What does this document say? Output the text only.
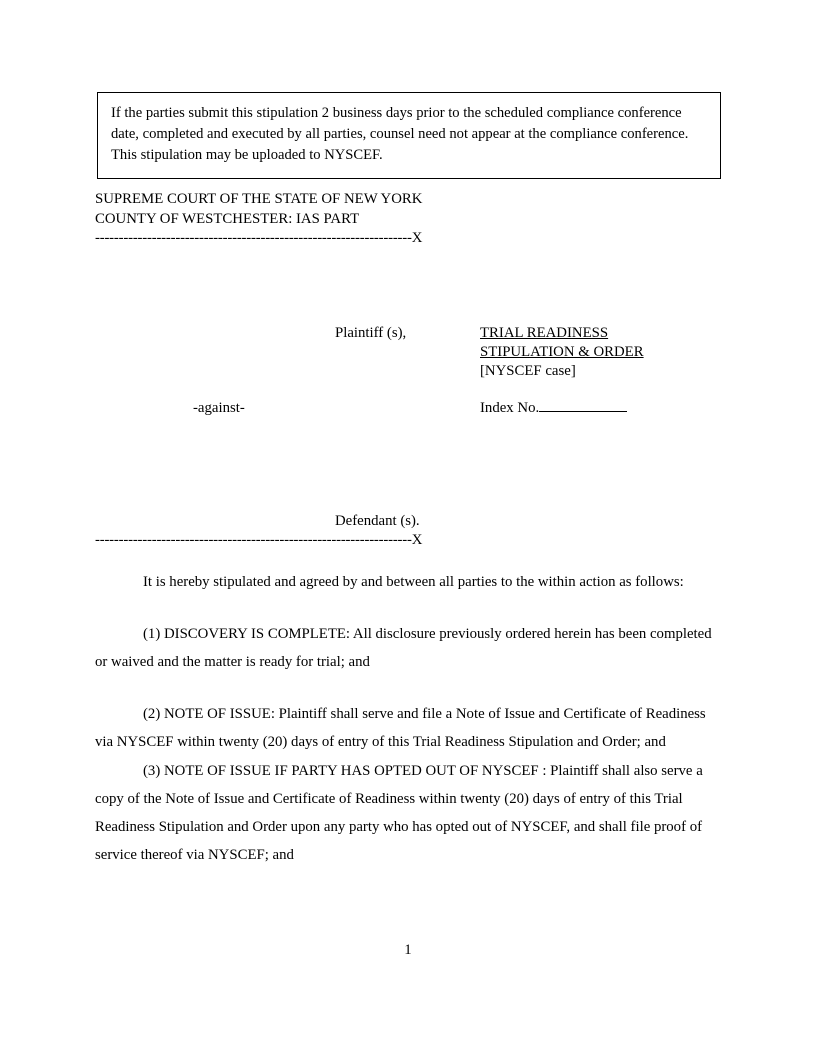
If the parties submit this stipulation 2 business days prior to the scheduled compliance conference date, completed and executed by all parties, counsel need not appear at the compliance conference. This stipulation may be uploaded to NYSCEF.
SUPREME COURT OF THE STATE OF NEW YORK
COUNTY OF WESTCHESTER: IAS PART
-------------------------------------------------------------------X
Plaintiff (s),
-against-
Defendant (s).
TRIAL READINESS
STIPULATION & ORDER
[NYSCEF case]
Index No.
-------------------------------------------------------------------X

It is hereby stipulated and agreed by and between all parties to the within action as follows:

(1) DISCOVERY IS COMPLETE: All disclosure previously ordered herein has been completed or waived and the matter is ready for trial; and

(2) NOTE OF ISSUE: Plaintiff shall serve and file a Note of Issue and Certificate of Readiness via NYSCEF within twenty (20) days of entry of this Trial Readiness Stipulation and Order; and

(3) NOTE OF ISSUE IF PARTY HAS OPTED OUT OF NYSCEF : Plaintiff shall also serve a copy of the Note of Issue and Certificate of Readiness within twenty (20) days of entry of this Trial Readiness Stipulation and Order upon any party who has opted out of NYSCEF, and shall file proof of service thereof via NYSCEF; and

1
